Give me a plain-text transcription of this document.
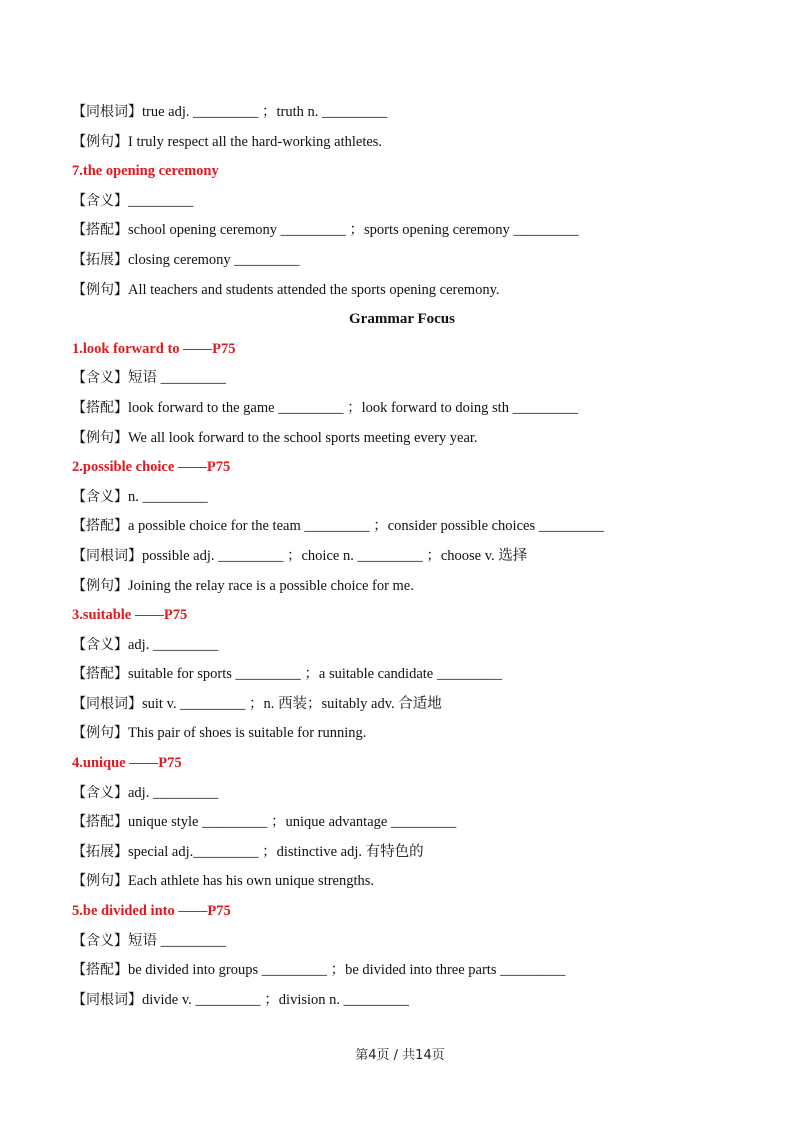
【同根词】true adj. _________ ；truth n. _________
【例句】I truly respect all the hard-working athletes.
7.the opening ceremony
【含义】_________
【搭配】school opening ceremony _________ ；sports opening ceremony _________
【拓展】closing ceremony _________
【例句】All teachers and students attended the sports opening ceremony.
Grammar Focus
1.look forward to ——P75
【含义】短语 _________
【搭配】look forward to the game _________ ；look forward to doing sth _________
【例句】We all look forward to the school sports meeting every year.
2.possible choice ——P75
【含义】n. _________
【搭配】a possible choice for the team _________ ；consider possible choices _________
【同根词】possible adj. _________ ；choice n. _________ ；choose v. 选择
【例句】Joining the relay race is a possible choice for me.
3.suitable ——P75
【含义】adj. _________
【搭配】suitable for sports _________ ；a suitable candidate _________
【同根词】suit v. _________ ；n. 西装；suitably adv. 合适地
【例句】This pair of shoes is suitable for running.
4.unique ——P75
【含义】adj. _________
【搭配】unique style _________ ；unique advantage _________
【拓展】special adj._________ ；distinctive adj. 有特色的
【例句】Each athlete has his own unique strengths.
5.be divided into ——P75
【含义】短语 _________
【搭配】be divided into groups _________ ；be divided into three parts _________
【同根词】divide v. _________ ；division n. _________
第4页 / 共14页
